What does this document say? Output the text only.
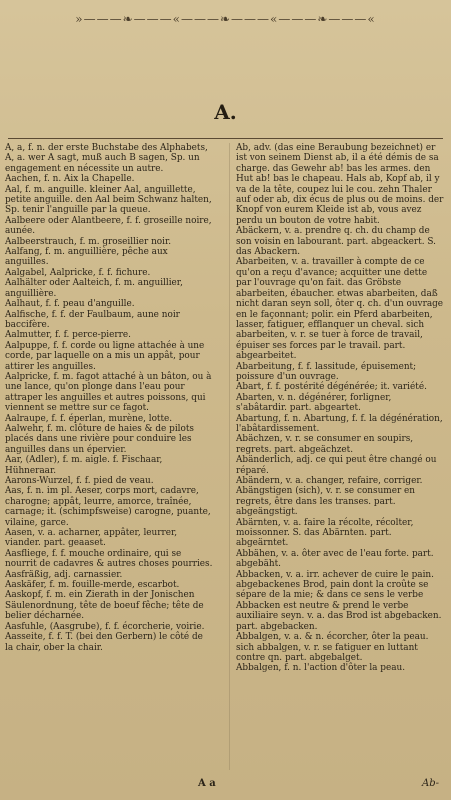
»———❧———«———❧———«———❧———«
A.

A, a, f. n. der erste Buchstabe des Alphabets, A, a. wer A sagt, muß auch B sagen, Sp. un engagement en nécessite un autre.

Aachen, f. n. Aix la Chapelle.

Aal, f. m. anguille. kleiner Aal, anguillette, petite anguille. den Aal beim Schwanz halten, Sp. tenir l'anguille par la queue.

Aalbeere oder Alantbeere, f. f. groseille noire, aunée.

Aalbeerstrauch, f. m. groseillier noir.

Aalfang, f. m. anguillière, pêche aux anguilles.

Aalgabel, Aalpricke, f. f. fichure.

Aalhälter oder Aalteich, f. m. anguillier, anguillière.

Aalhaut, f. f. peau d'anguille.

Aalfische, f. f. der Faulbaum, aune noir baccifère.

Aalmutter, f. f. perce-pierre.

Aalpuppe, f. f. corde ou ligne attachée à une corde, par laquelle on a mis un appât, pour attirer les anguilles.

Aalpricke, f. m. fagot attaché à un bâton, ou à une lance, qu'on plonge dans l'eau pour attraper les anguilles et autres poissons, qui viennent se mettre sur ce fagot.

Aalraupe, f. f. éperlan, murène, lotte.

Aalwehr, f. m. clôture de haies & de pilots placés dans une rivière pour conduire les anguilles dans un épervier.

Aar, (Adler), f. m. aigle. f. Fischaar, Hühneraar.

Aarons-Wurzel, f. f. pied de veau.

Aas, f. n. im pl. Aeser, corps mort, cadavre, charogne; appât, leurre, amorce, traînée, carnage; it. (schimpfsweise) carogne, puante, vilaine, garce.

Aasen, v. a. acharner, appâter, leurrer, viander. part. geaaset.

Aasfliege, f. f. mouche ordinaire, qui se nourrit de cadavres & autres choses pourries.

Aasfräßig, adj. carnassier.

Aaskäfer, f. m. fouille-merde, escarbot.

Aaskopf, f. m. ein Zierath in der Jonischen Säulenordnung, tête de boeuf fêche; tête de belier décharnée.

Aasfuhle, (Aasgrube), f. f. écorcherie, voirie.

Aasseite, f. f. T. (bei den Gerbern) le côté de la chair, ober la chair.

Ab, adv. (das eine Beraubung bezeichnet) er ist von seinem Dienst ab, il a été démis de sa charge. das Gewehr ab! bas les armes. den Hut ab! bas le chapeau. Hals ab, Kopf ab, il y va de la tête, coupez lui le cou. zehn Thaler auf oder ab, dix écus de plus ou de moins. der Knopf von eurem Kleide ist ab, vous avez perdu un bouton de votre habit.

Abäckern, v. a. prendre q. ch. du champ de son voisin en labourant. part. abgeackert. S. das Abackern.

Abarbeiten, v. a. travailler à compte de ce qu'on a reçu d'avance; acquitter une dette par l'ouvrage qu'on fait. das Gröbste abarbeiten, ébaucher. etwas abarbeiten, daß nicht daran seyn soll, ôter q. ch. d'un ouvrage en le façonnant; polir. ein Pferd abarbeiten, lasser, fatiguer, efflanquer un cheval. sich abarbeiten, v. r. se tuer à force de travail, épuiser ses forces par le travail. part. abgearbeitet.

Abarbeitung, f. f. lassitude, épuisement; poissure d'un ouvrage.

Abart, f. f. postérité dégénérée; it. variété.

Abarten, v. n. dégénérer, forligner, s'abâtardir. part. abgeartet.

Abartung, f. n. Abartung, f. f. la dégénération, l'abâtardissement.

Abächzen, v. r. se consumer en soupirs, regrets. part. abgeächzet.

Abänderlich, adj. ce qui peut être changé ou réparé.

Abändern, v. a. changer, refaire, corriger.

Abängstigen (sich), v. r. se consumer en regrets, être dans les transes. part. abgeängstigt.

Abärnten, v. a. faire la récolte, récolter, moissonner. S. das Abärnten. part. abgeärntet.

Abbähen, v. a. ôter avec de l'eau forte. part. abgebäht.

Abbacken, v. a. irr. achever de cuire le pain. abgebackenes Brod, pain dont la croûte se sépare de la mie; & dans ce sens le verbe Abbacken est neutre & prend le verbe auxiliaire seyn. v. a. das Brod ist abgebacken. part. abgebacken.

Abbalgen, v. a. & n. écorcher, ôter la peau. sich abbalgen, v. r. se fatiguer en luttant contre qn. part. abgebalget.

Abbalgen, f. n. l'action d'ôter la peau.

A a	Ab-
